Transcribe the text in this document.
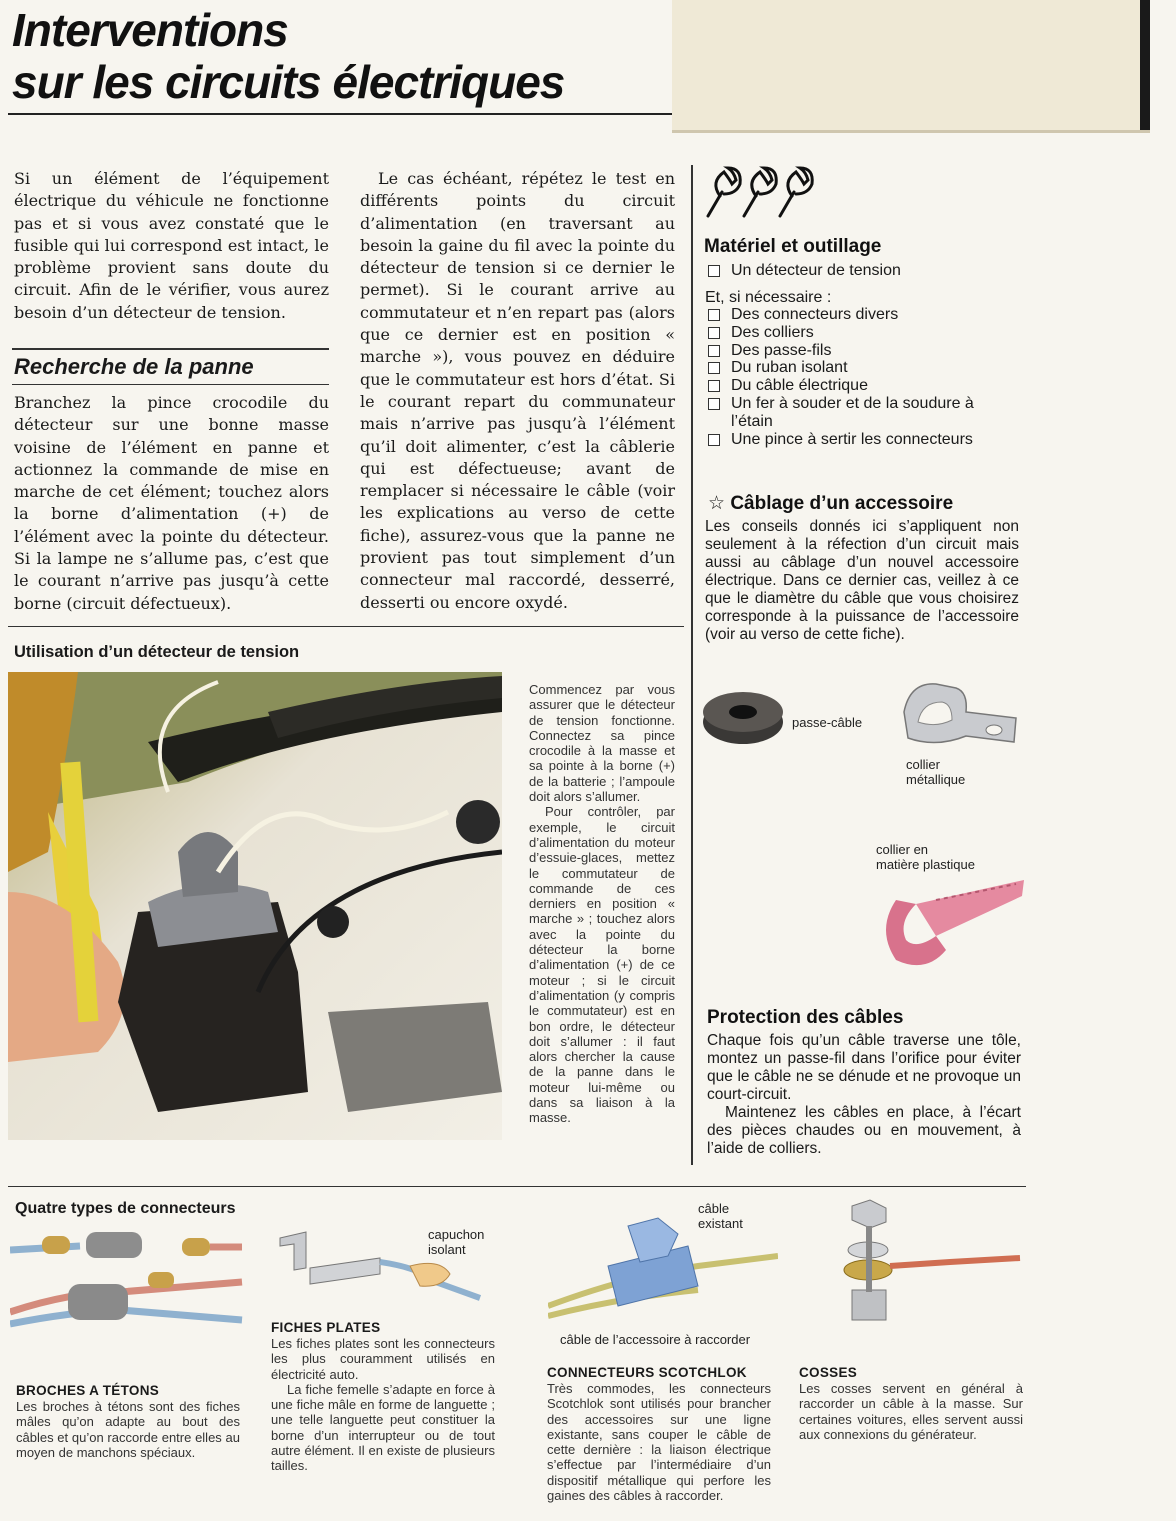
Interventions
sur les circuits électriques
Si un élément de l’équipement électrique du véhicule ne fonctionne pas et si vous avez constaté que le fusible qui lui correspond est intact, le problème provient sans doute du circuit. Afin de le vérifier, vous aurez besoin d’un détecteur de tension.
Recherche de la panne
Branchez la pince crocodile du détecteur sur une bonne masse voisine de l’élément en panne et actionnez la commande de mise en marche de cet élément; touchez alors la borne d’alimentation (+) de l’élément avec la pointe du détecteur. Si la lampe ne s’allume pas, c’est que le courant n’arrive pas jusqu’à cette borne (circuit défectueux).
Le cas échéant, répétez le test en différents points du circuit d’alimentation (en traversant au besoin la gaine du fil avec la pointe du détecteur de tension si ce dernier le permet). Si le courant arrive au commutateur et n’en repart pas (alors que ce dernier est en position « marche »), vous pouvez en déduire que le commutateur est hors d’état. Si le courant repart du communateur mais n’arrive pas jusqu’à l’élément qu’il doit alimenter, c’est la câblerie qui est défectueuse; avant de remplacer si nécessaire le câble (voir les explications au verso de cette fiche), assurez-vous que la panne ne provient pas tout simplement d’un connecteur mal raccordé, desserré, desserti ou encore oxydé.
Utilisation d’un détecteur de tension
Commencez par vous assurer que le détecteur de tension fonctionne. Connectez sa pince crocodile à la masse et sa pointe à la borne (+) de la batterie ; l’ampoule doit alors s’allumer.
Pour contrôler, par exemple, le circuit d’alimentation du moteur d’essuie-glaces, mettez le commutateur de commande de ces derniers en position « marche » ; touchez alors avec la pointe du détecteur la borne d’alimentation (+) de ce moteur ; si le circuit d’alimentation (y compris le commutateur) est en bon ordre, le détecteur doit s’allumer : il faut alors chercher la cause de la panne dans le moteur lui-même ou dans sa liaison à la masse.
Matériel et outillage
Un détecteur de tension
Et, si nécessaire :
Des connecteurs divers
Des colliers
Des passe-fils
Du ruban isolant
Du câble électrique
Un fer à souder et de la soudure à l’étain
Une pince à sertir les connecteurs
☆ Câblage d’un accessoire
Les conseils donnés ici s’appliquent non seulement à la réfection d’un circuit mais aussi au câblage d’un nouvel accessoire électrique. Dans ce dernier cas, veillez à ce que le diamètre du câble que vous choisirez corresponde à la puissance de l’accessoire (voir au verso de cette fiche).
passe-câble
collier
métallique
collier en
matière plastique
Protection des câbles
Chaque fois qu’un câble traverse une tôle, montez un passe-fil dans l’orifice pour éviter que le câble ne se dénude et ne provoque un court-circuit.
Maintenez les câbles en place, à l’écart des pièces chaudes ou en mouvement, à l’aide de colliers.
Quatre types de connecteurs
BROCHES A TÉTONS
Les broches à tétons sont des fiches mâles qu’on adapte au bout des câbles et qu’on raccorde entre elles au moyen de manchons spéciaux.
capuchon
isolant
FICHES PLATES
Les fiches plates sont les connecteurs les plus couramment utilisés en électricité auto.
La fiche femelle s’adapte en force à une fiche mâle en forme de languette ; une telle languette peut constituer la borne d’un interrupteur ou de tout autre élément. Il en existe de plusieurs tailles.
câble
existant
câble de l’accessoire à raccorder
CONNECTEURS SCOTCHLOK
Très commodes, les connecteurs Scotchlok sont utilisés pour brancher des accessoires sur une ligne existante, sans couper le câble de cette dernière : la liaison électrique s’effectue par l’intermédiaire d’un dispositif métallique qui perfore les gaines des câbles à raccorder.
COSSES
Les cosses servent en général à raccorder un câble à la masse. Sur certaines voitures, elles servent aussi aux connexions du générateur.
